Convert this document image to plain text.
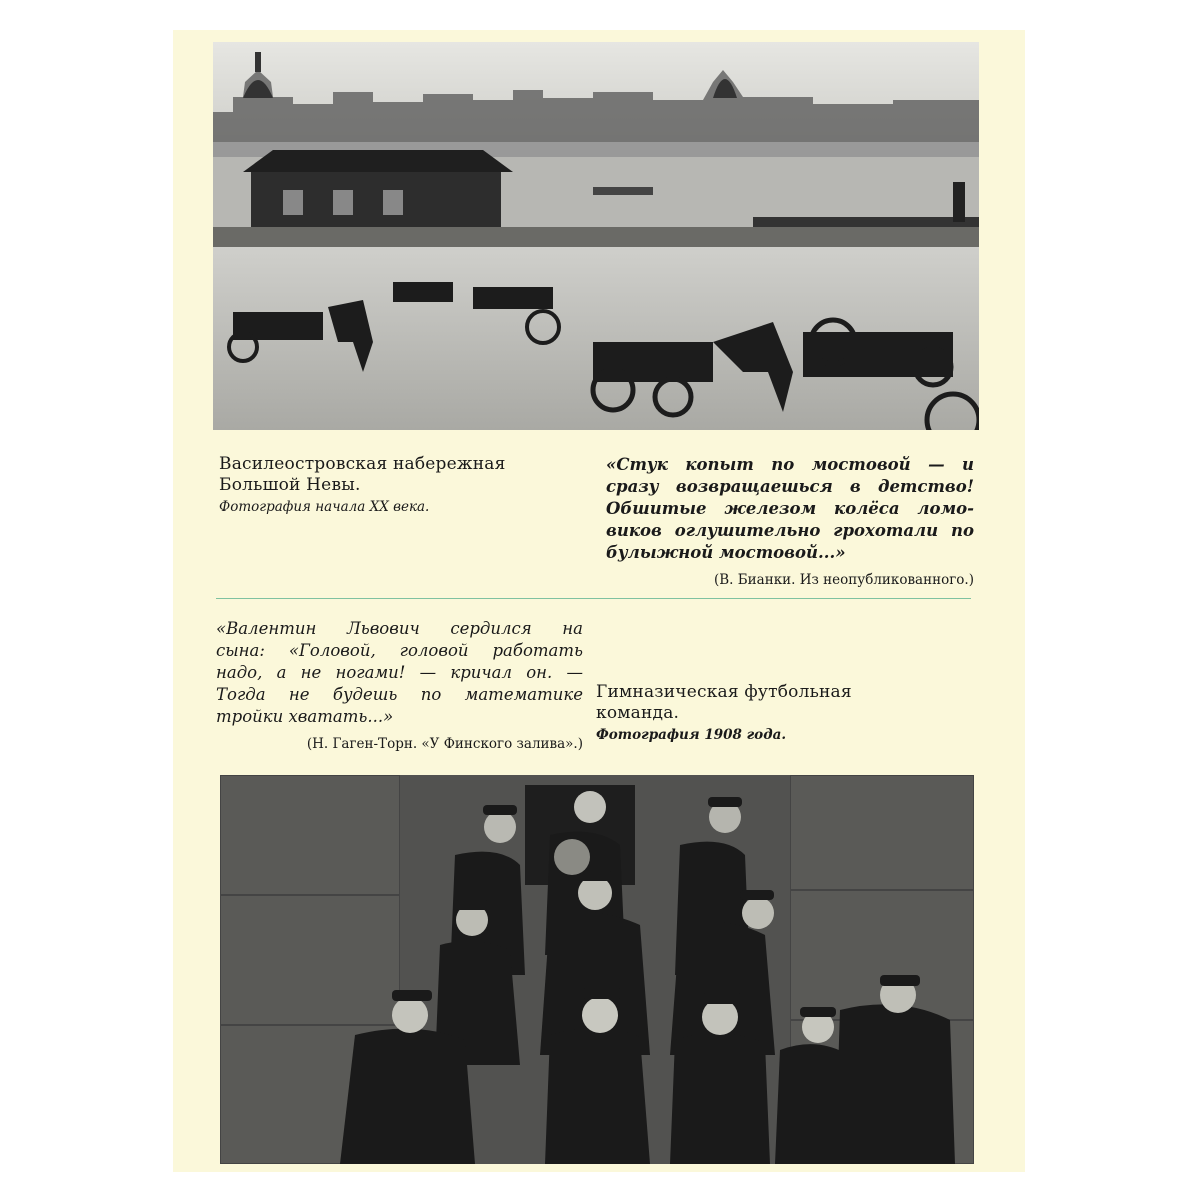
Василеостровская набережная
Большой Невы.
Фотография начала XX века.
«Стук копыт по мостовой — и
сразу возвращаешься в детство!
Обшитые железом колёса ломо-
виков оглушительно грохотали по
булыжной мостовой...»
(В. Бианки. Из неопубликованного.)
«Валентин Львович сердился на
сына: «Головой, головой работать
надо, а не ногами! — кричал он. —
Тогда не будешь по математике
тройки хватать...»
(Н. Гаген-Торн. «У Финского залива».)
Гимназическая футбольная
команда.
Фотография 1908 года.
